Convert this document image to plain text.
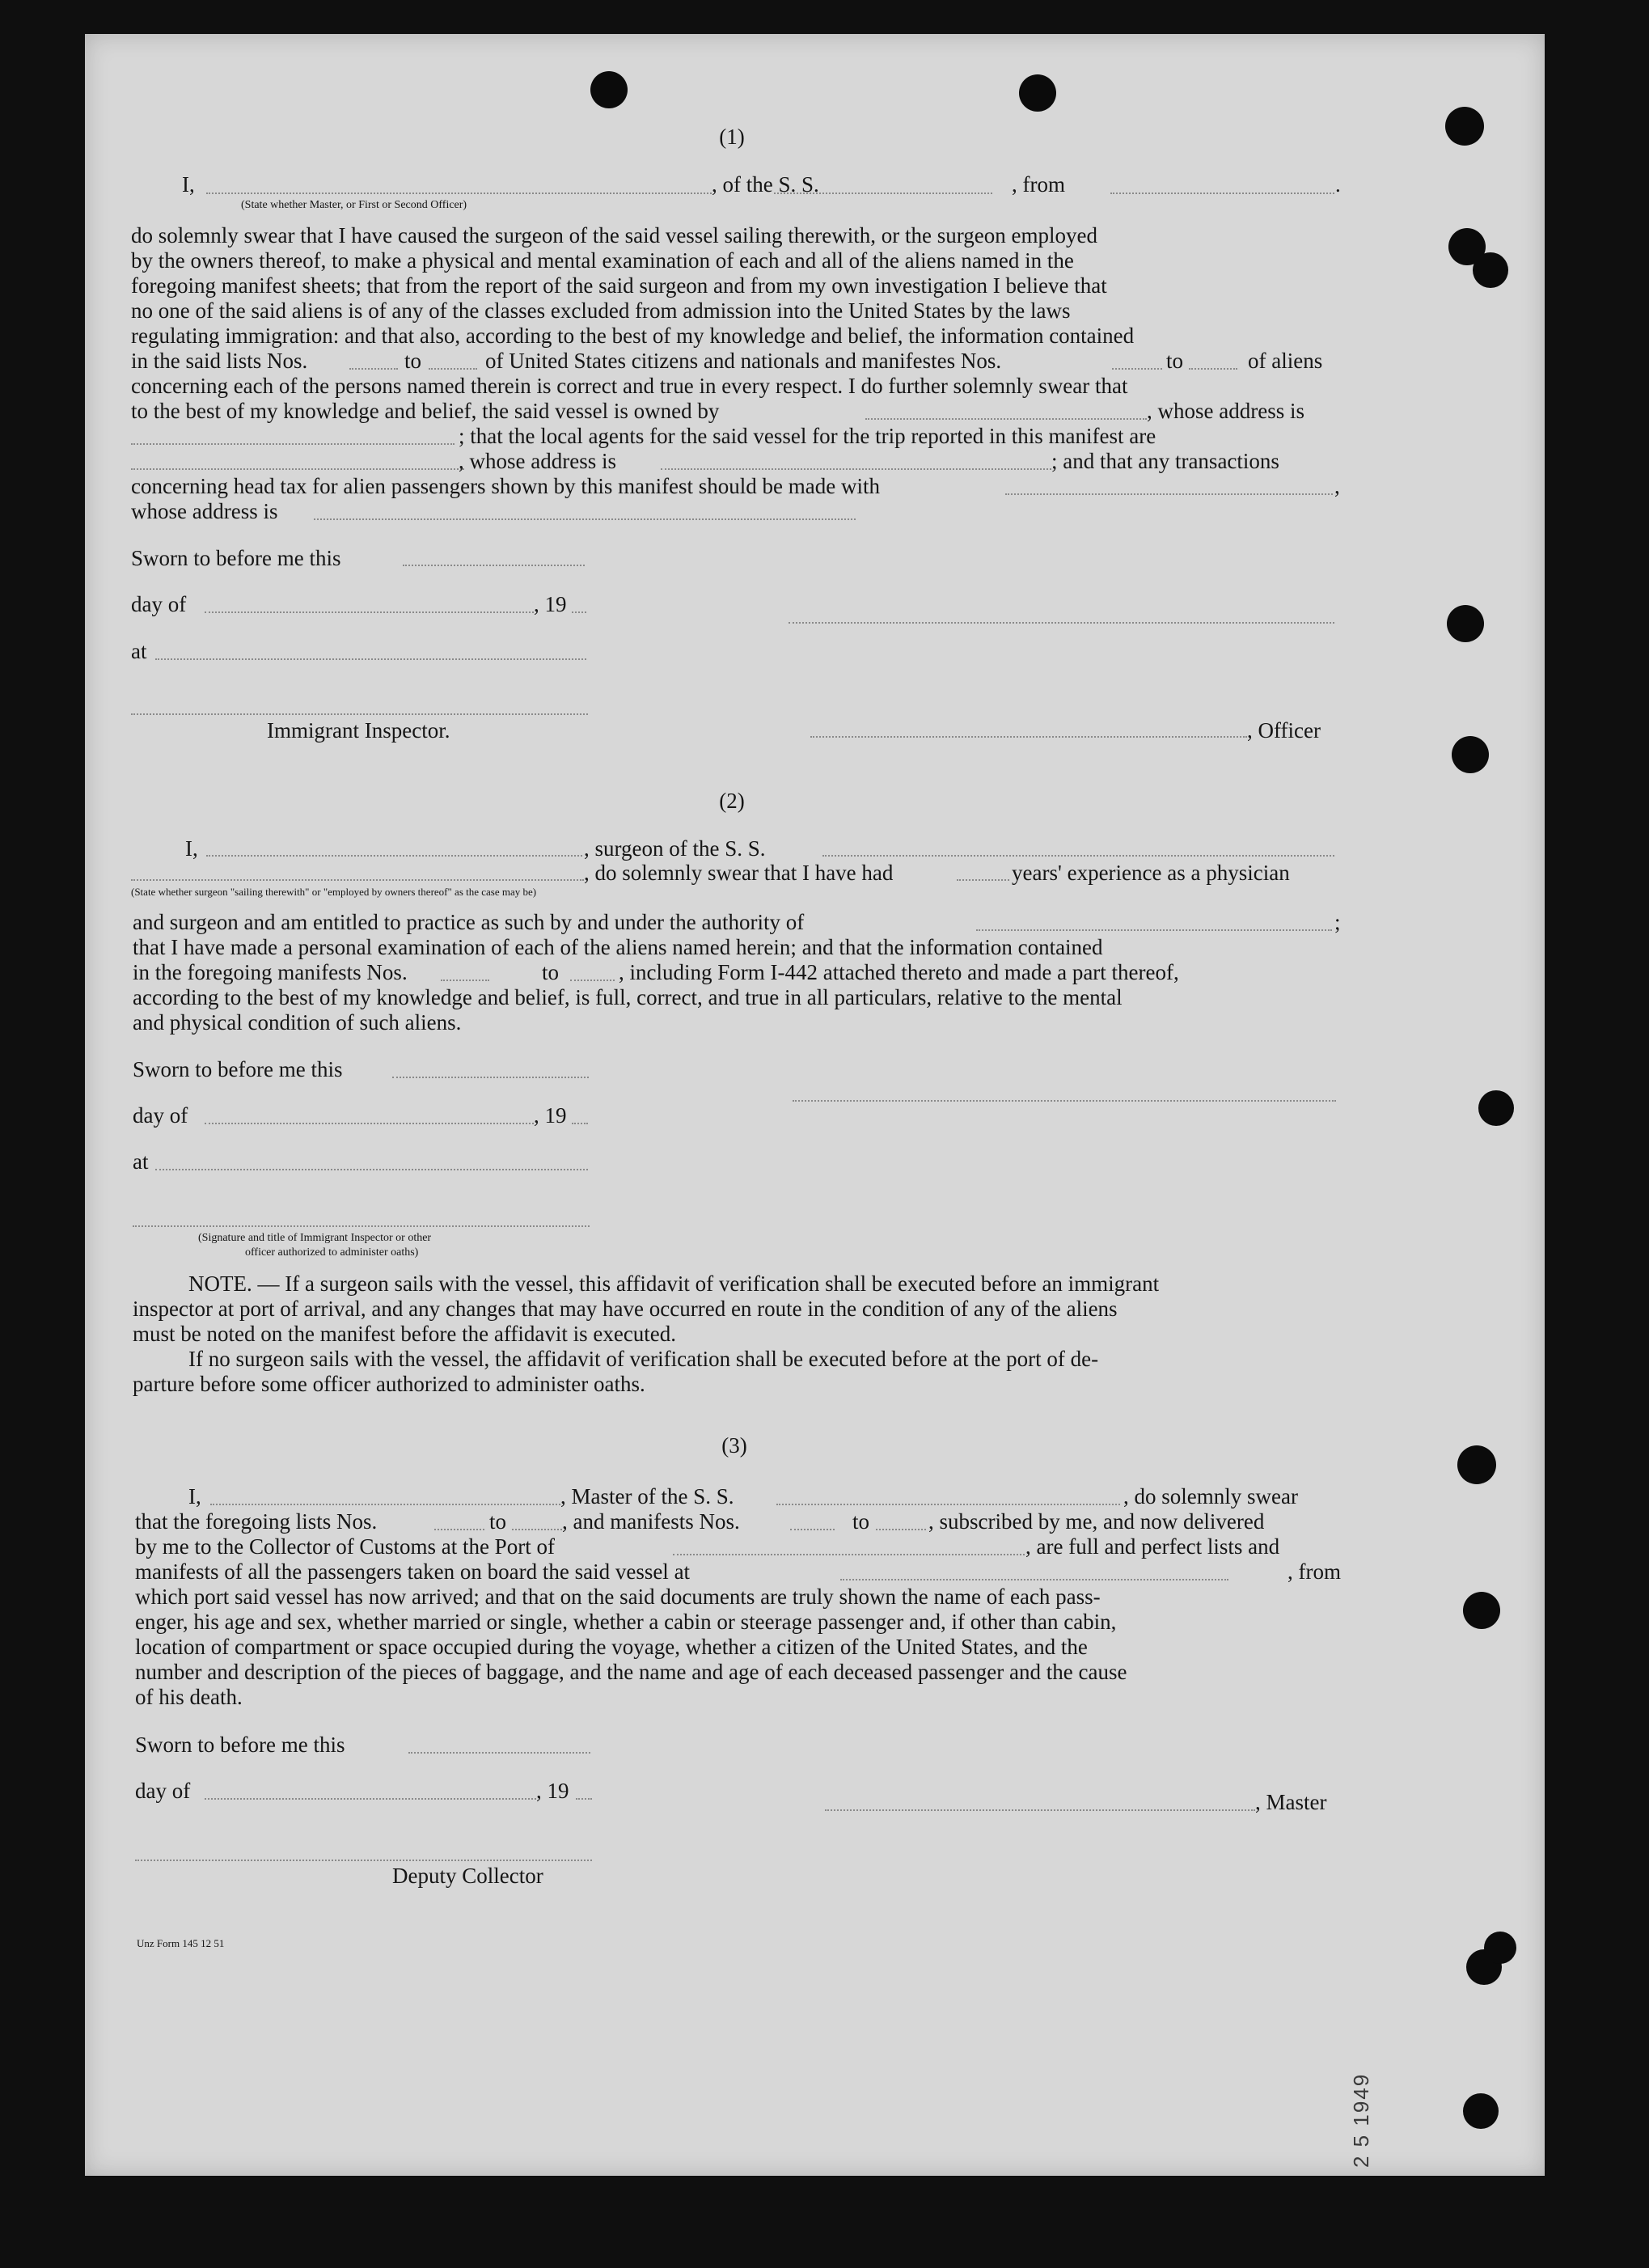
(1)
I,	, of the S. S.	, from	.
(State whether Master, or First or Second Officer)
do solemnly swear that I have caused the surgeon of the said vessel sailing therewith, or the surgeon employed
by the owners thereof, to make a physical and mental examination of each and all of the aliens named in the
foregoing manifest sheets; that from the report of the said surgeon and from my own investigation I believe that
no one of the said aliens is of any of the classes excluded from admission into the United States by the laws
regulating immigration: and that also, according to the best of my knowledge and belief, the information contained
in the said lists Nos.	to	of United States citizens and nationals and manifestes Nos.	to	of aliens
concerning each of the persons named therein is correct and true in every respect. I do further solemnly swear that
to the best of my knowledge and belief, the said vessel is owned by	, whose address is
; that the local agents for the said vessel for the trip reported in this manifest are
, whose address is	; and that any transactions
concerning head tax for alien passengers shown by this manifest should be made with	,
whose address is
Sworn to before me this
day of	, 19
at
Immigrant Inspector.	, Officer
(2)
I,	, surgeon of the S. S.
, do solemnly swear that I have had	years' experience as a physician
(State whether surgeon "sailing therewith" or "employed by owners thereof" as the case may be)
and surgeon and am entitled to practice as such by and under the authority of	;
that I have made a personal examination of each of the aliens named herein; and that the information contained
in the foregoing manifests Nos.	to	, including Form I-442 attached thereto and made a part thereof,
according to the best of my knowledge and belief, is full, correct, and true in all particulars, relative to the mental
and physical condition of such aliens.
Sworn to before me this
day of	, 19
at
(Signature and title of Immigrant Inspector or other
officer authorized to administer oaths)
NOTE. — If a surgeon sails with the vessel, this affidavit of verification shall be executed before an immigrant
inspector at port of arrival, and any changes that may have occurred en route in the condition of any of the aliens
must be noted on the manifest before the affidavit is executed.
If no surgeon sails with the vessel, the affidavit of verification shall be executed before at the port of de-
parture before some officer authorized to administer oaths.
(3)
I,	, Master of the S. S.	, do solemnly swear
that the foregoing lists Nos.	to	, and manifests Nos.	to	, subscribed by me, and now delivered
by me to the Collector of Customs at the Port of	, are full and perfect lists and
manifests of all the passengers taken on board the said vessel at	, from
which port said vessel has now arrived; and that on the said documents are truly shown the name of each pass-
enger, his age and sex, whether married or single, whether a cabin or steerage passenger and, if other than cabin,
location of compartment or space occupied during the voyage, whether a citizen of the United States, and the
number and description of the pieces of baggage, and the name and age of each deceased passenger and the cause
of his death.
Sworn to before me this
day of	, 19	, Master
Deputy Collector
Unz Form 145 12 51
2 5 1949
